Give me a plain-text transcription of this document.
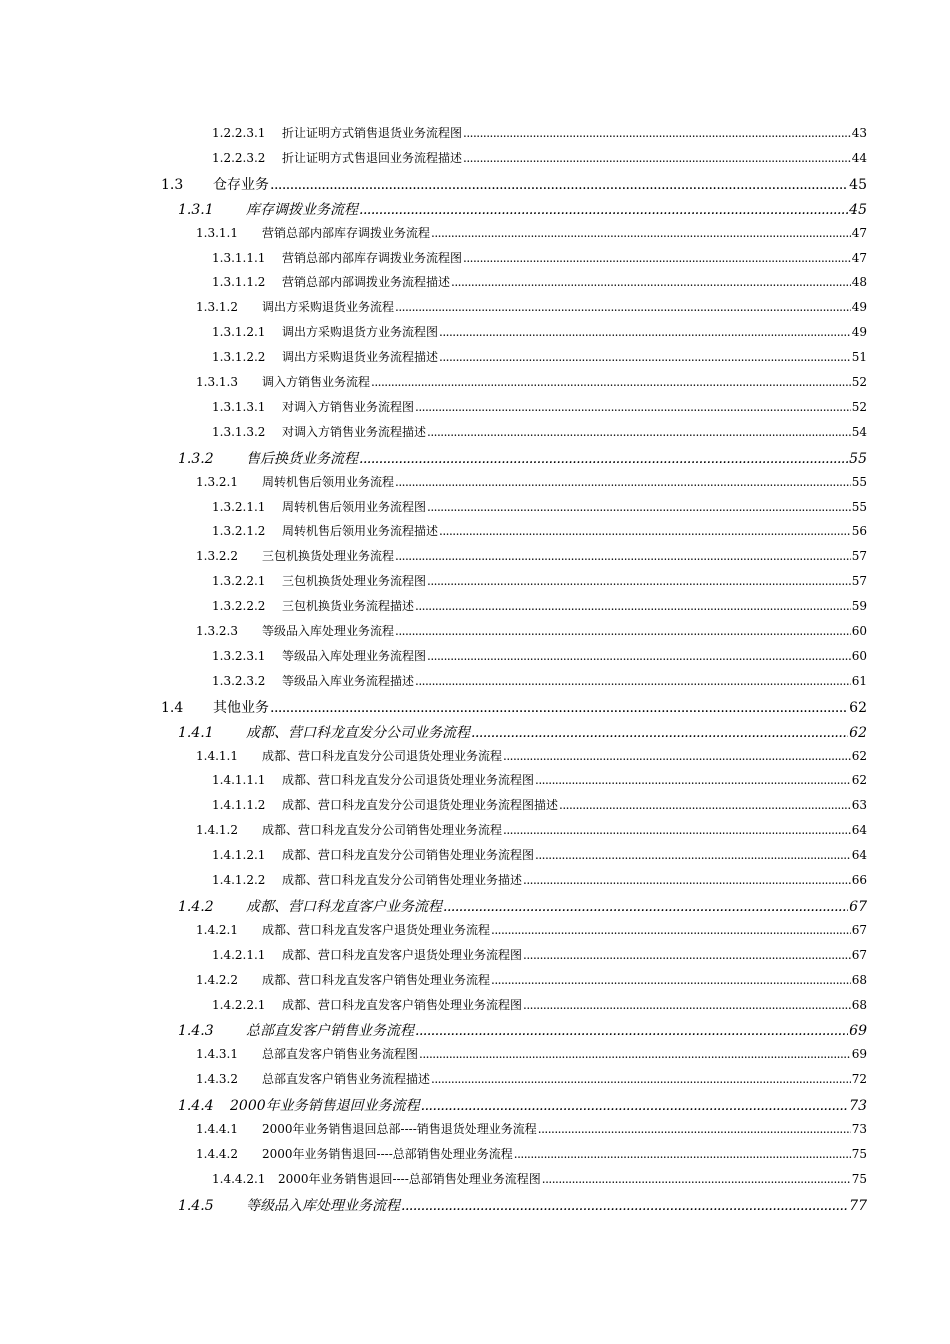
1.2.2.3.1	折让证明方式销售退货业务流程图 .....	43
1.2.2.3.2	折让证明方式售退回业务流程描述 .....	44
1.3	仓存业务 .....	45
1.3.1	库存调拨业务流程 .....	45
1.3.1.1	营销总部内部库存调拨业务流程 .....	47
1.3.1.1.1	营销总部内部库存调拨业务流程图 .....	47
1.3.1.1.2	营销总部内部调拨业务流程描述 .....	48
1.3.1.2	调出方采购退货业务流程 .....	49
1.3.1.2.1	调出方采购退货方业务流程图 .....	49
1.3.1.2.2	调出方采购退货业务流程描述 .....	51
1.3.1.3	调入方销售业务流程 .....	52
1.3.1.3.1	对调入方销售业务流程图 .....	52
1.3.1.3.2	对调入方销售业务流程描述 .....	54
1.3.2	售后换货业务流程 .....	55
1.3.2.1	周转机售后领用业务流程 .....	55
1.3.2.1.1	周转机售后领用业务流程图 .....	55
1.3.2.1.2	周转机售后领用业务流程描述 .....	56
1.3.2.2	三包机换货处理业务流程 .....	57
1.3.2.2.1	三包机换货处理业务流程图 .....	57
1.3.2.2.2	三包机换货业务流程描述 .....	59
1.3.2.3	等级品入库处理业务流程 .....	60
1.3.2.3.1	等级品入库处理业务流程图 .....	60
1.3.2.3.2	等级品入库业务流程描述 .....	61
1.4	其他业务 .....	62
1.4.1	成都、营口科龙直发分公司业务流程 .....	62
1.4.1.1	成都、营口科龙直发分公司退货处理业务流程 .....	62
1.4.1.1.1	成都、营口科龙直发分公司退货处理业务流程图 .....	62
1.4.1.1.2	成都、营口科龙直发分公司退货处理业务流程图描述 .....	63
1.4.1.2	成都、营口科龙直发分公司销售处理业务流程 .....	64
1.4.1.2.1	成都、营口科龙直发分公司销售处理业务流程图 .....	64
1.4.1.2.2	成都、营口科龙直发分公司销售处理业务描述 .....	66
1.4.2	成都、营口科龙直客户业务流程 .....	67
1.4.2.1	成都、营口科龙直发客户退货处理业务流程 .....	67
1.4.2.1.1	成都、营口科龙直发客户退货处理业务流程图 .....	67
1.4.2.2	成都、营口科龙直发客户销售处理业务流程 .....	68
1.4.2.2.1	成都、营口科龙直发客户销售处理业务流程图 .....	68
1.4.3	总部直发客户销售业务流程 .....	69
1.4.3.1	总部直发客户销售业务流程图 .....	69
1.4.3.2	总部直发客户销售业务流程描述 .....	72
1.4.4	2000年业务销售退回业务流程 .....	73
1.4.4.1	2000年业务销售退回总部----销售退货处理业务流程 .....	73
1.4.4.2	2000年业务销售退回----总部销售处理业务流程 .....	75
1.4.4.2.1	2000年业务销售退回----总部销售处理业务流程图 .....	75
1.4.5	等级品入库处理业务流程 .....	77
